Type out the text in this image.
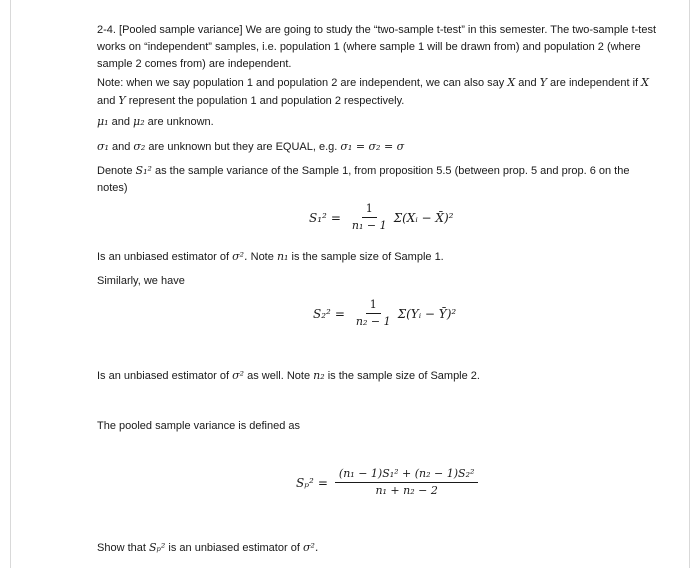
2-4. [Pooled sample variance] We are going to study the “two-sample t-test” in this semester. The two-sample t-test works on “independent” samples, i.e. population 1 (where sample 1 will be drawn from) and population 2 (where sample 2 comes from) are independent.

Note: when we say population 1 and population 2 are independent, we can also say X and Y are independent if X and Y represent the population 1 and population 2 respectively.

μ₁ and μ₂ are unknown.

σ₁ and σ₂ are unknown but they are EQUAL, e.g. σ₁ = σ₂ = σ

Denote S₁² as the sample variance of the Sample 1, from proposition 5.5 (between prop. 5 and prop. 6 on the notes)

$S_1^2 = \frac{1}{\text{n₁ − 1}}$ Σ(Xᵢ − X̄)²

Is an unbiased estimator of σ². Note n₁ is the sample size of Sample 1.

Similarly, we have

$S_2^2 = \frac{1}{\text{n₂ − 1}}$ Σ(Yᵢ − Ȳ)²

Is an unbiased estimator of σ² as well. Note n₂ is the sample size of Sample 2.

The pooled sample variance is defined as

$S_p^2 = \frac{\text{(n₁ − 1)S₁² + (n₂ − 1)S₂²}}{\text{n₁ + n₂ − 2}}$

Show that Sₚ² is an unbiased estimator of σ².
